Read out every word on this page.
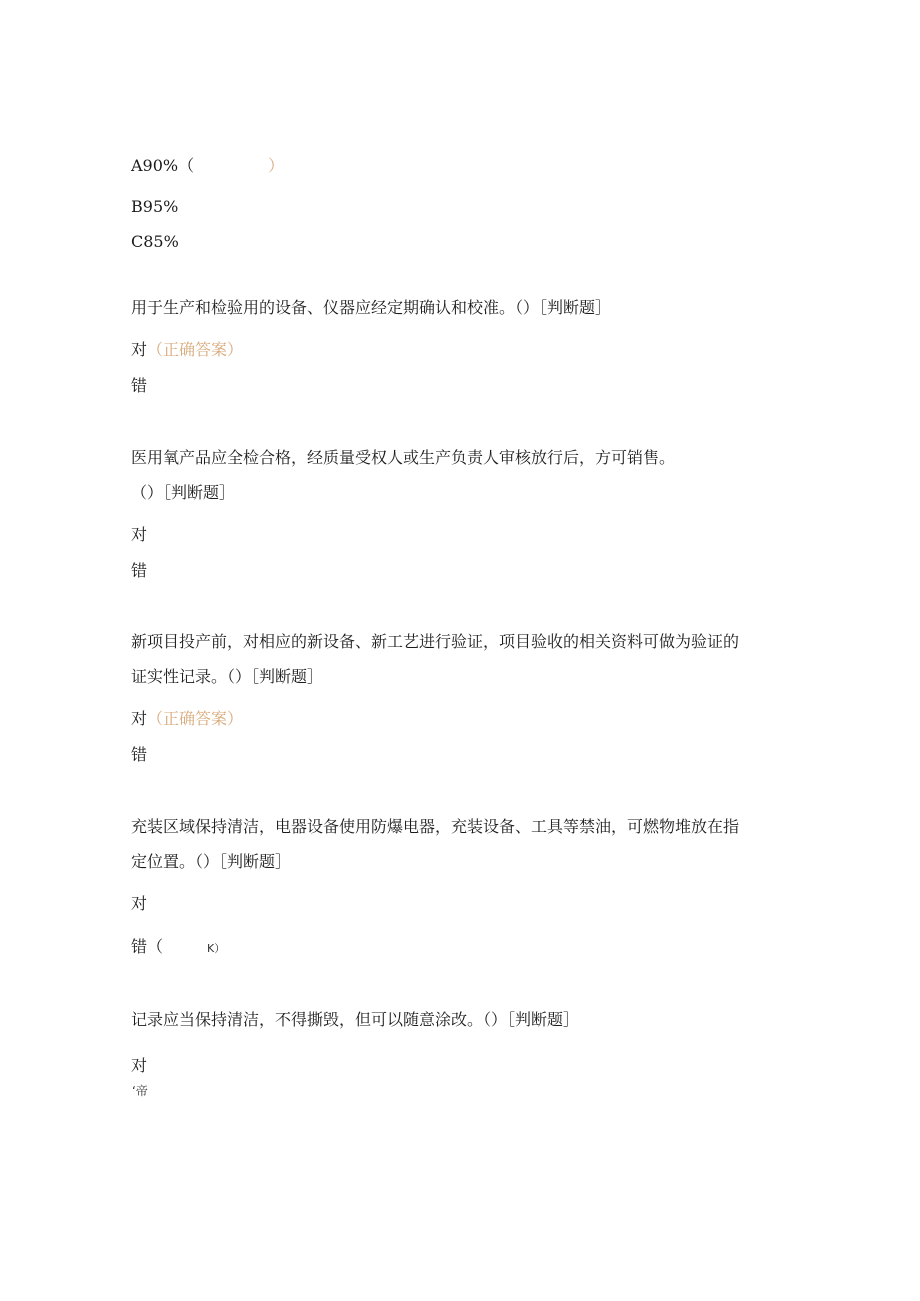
A90%（	）
B95%
C85%
用于生产和检验用的设备、仪器应经定期确认和校准。（）［判断题］
对（正确答案）
错
医用氧产品应全检合格，经质量受权人或生产负责人审核放行后，方可销售。
（）［判断题］
对
错
新项目投产前，对相应的新设备、新工艺进行验证，项目验收的相关资料可做为验证的
证实性记录。（）［判断题］
对（正确答案）
错
充装区域保持清洁，电器设备使用防爆电器，充装设备、工具等禁油，可燃物堆放在指
定位置。（）［判断题］
对
错（	K）
记录应当保持清洁，不得撕毁，但可以随意涂改。（）［判断题］
对
‘帝
